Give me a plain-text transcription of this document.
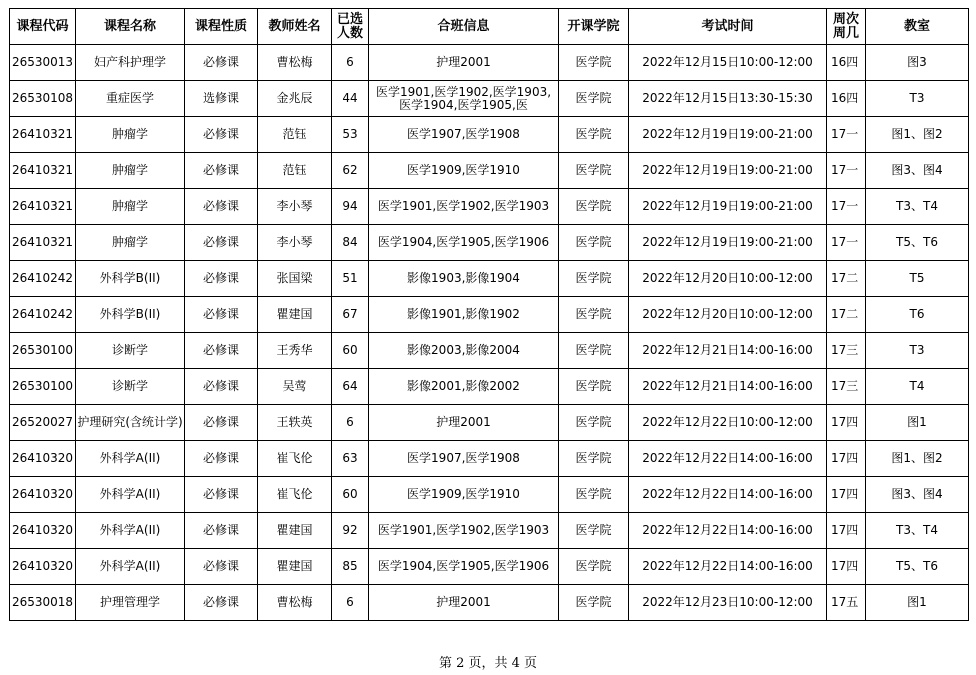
课程代码	课程名称	课程性质	教师姓名	已选人数	合班信息	开课学院	考试时间	周次周几	教室
26530013	妇产科护理学	必修课	曹松梅	6	护理2001	医学院	2022年12月15日10:00-12:00	16四	图3
26530108	重症医学	选修课	金兆辰	44	医学1901,医学1902,医学1903,医学1904,医学1905,医	医学院	2022年12月15日13:30-15:30	16四	T3
26410321	肿瘤学	必修课	范钰	53	医学1907,医学1908	医学院	2022年12月19日19:00-21:00	17一	图1、图2
26410321	肿瘤学	必修课	范钰	62	医学1909,医学1910	医学院	2022年12月19日19:00-21:00	17一	图3、图4
26410321	肿瘤学	必修课	李小琴	94	医学1901,医学1902,医学1903	医学院	2022年12月19日19:00-21:00	17一	T3、T4
26410321	肿瘤学	必修课	李小琴	84	医学1904,医学1905,医学1906	医学院	2022年12月19日19:00-21:00	17一	T5、T6
26410242	外科学B(II)	必修课	张国梁	51	影像1903,影像1904	医学院	2022年12月20日10:00-12:00	17二	T5
26410242	外科学B(II)	必修课	瞿建国	67	影像1901,影像1902	医学院	2022年12月20日10:00-12:00	17二	T6
26530100	诊断学	必修课	王秀华	60	影像2003,影像2004	医学院	2022年12月21日14:00-16:00	17三	T3
26530100	诊断学	必修课	吴莺	64	影像2001,影像2002	医学院	2022年12月21日14:00-16:00	17三	T4
26520027	护理研究(含统计学)	必修课	王轶英	6	护理2001	医学院	2022年12月22日10:00-12:00	17四	图1
26410320	外科学A(II)	必修课	崔飞伦	63	医学1907,医学1908	医学院	2022年12月22日14:00-16:00	17四	图1、图2
26410320	外科学A(II)	必修课	崔飞伦	60	医学1909,医学1910	医学院	2022年12月22日14:00-16:00	17四	图3、图4
26410320	外科学A(II)	必修课	瞿建国	92	医学1901,医学1902,医学1903	医学院	2022年12月22日14:00-16:00	17四	T3、T4
26410320	外科学A(II)	必修课	瞿建国	85	医学1904,医学1905,医学1906	医学院	2022年12月22日14:00-16:00	17四	T5、T6
26530018	护理管理学	必修课	曹松梅	6	护理2001	医学院	2022年12月23日10:00-12:00	17五	图1
第 2 页，共 4 页
